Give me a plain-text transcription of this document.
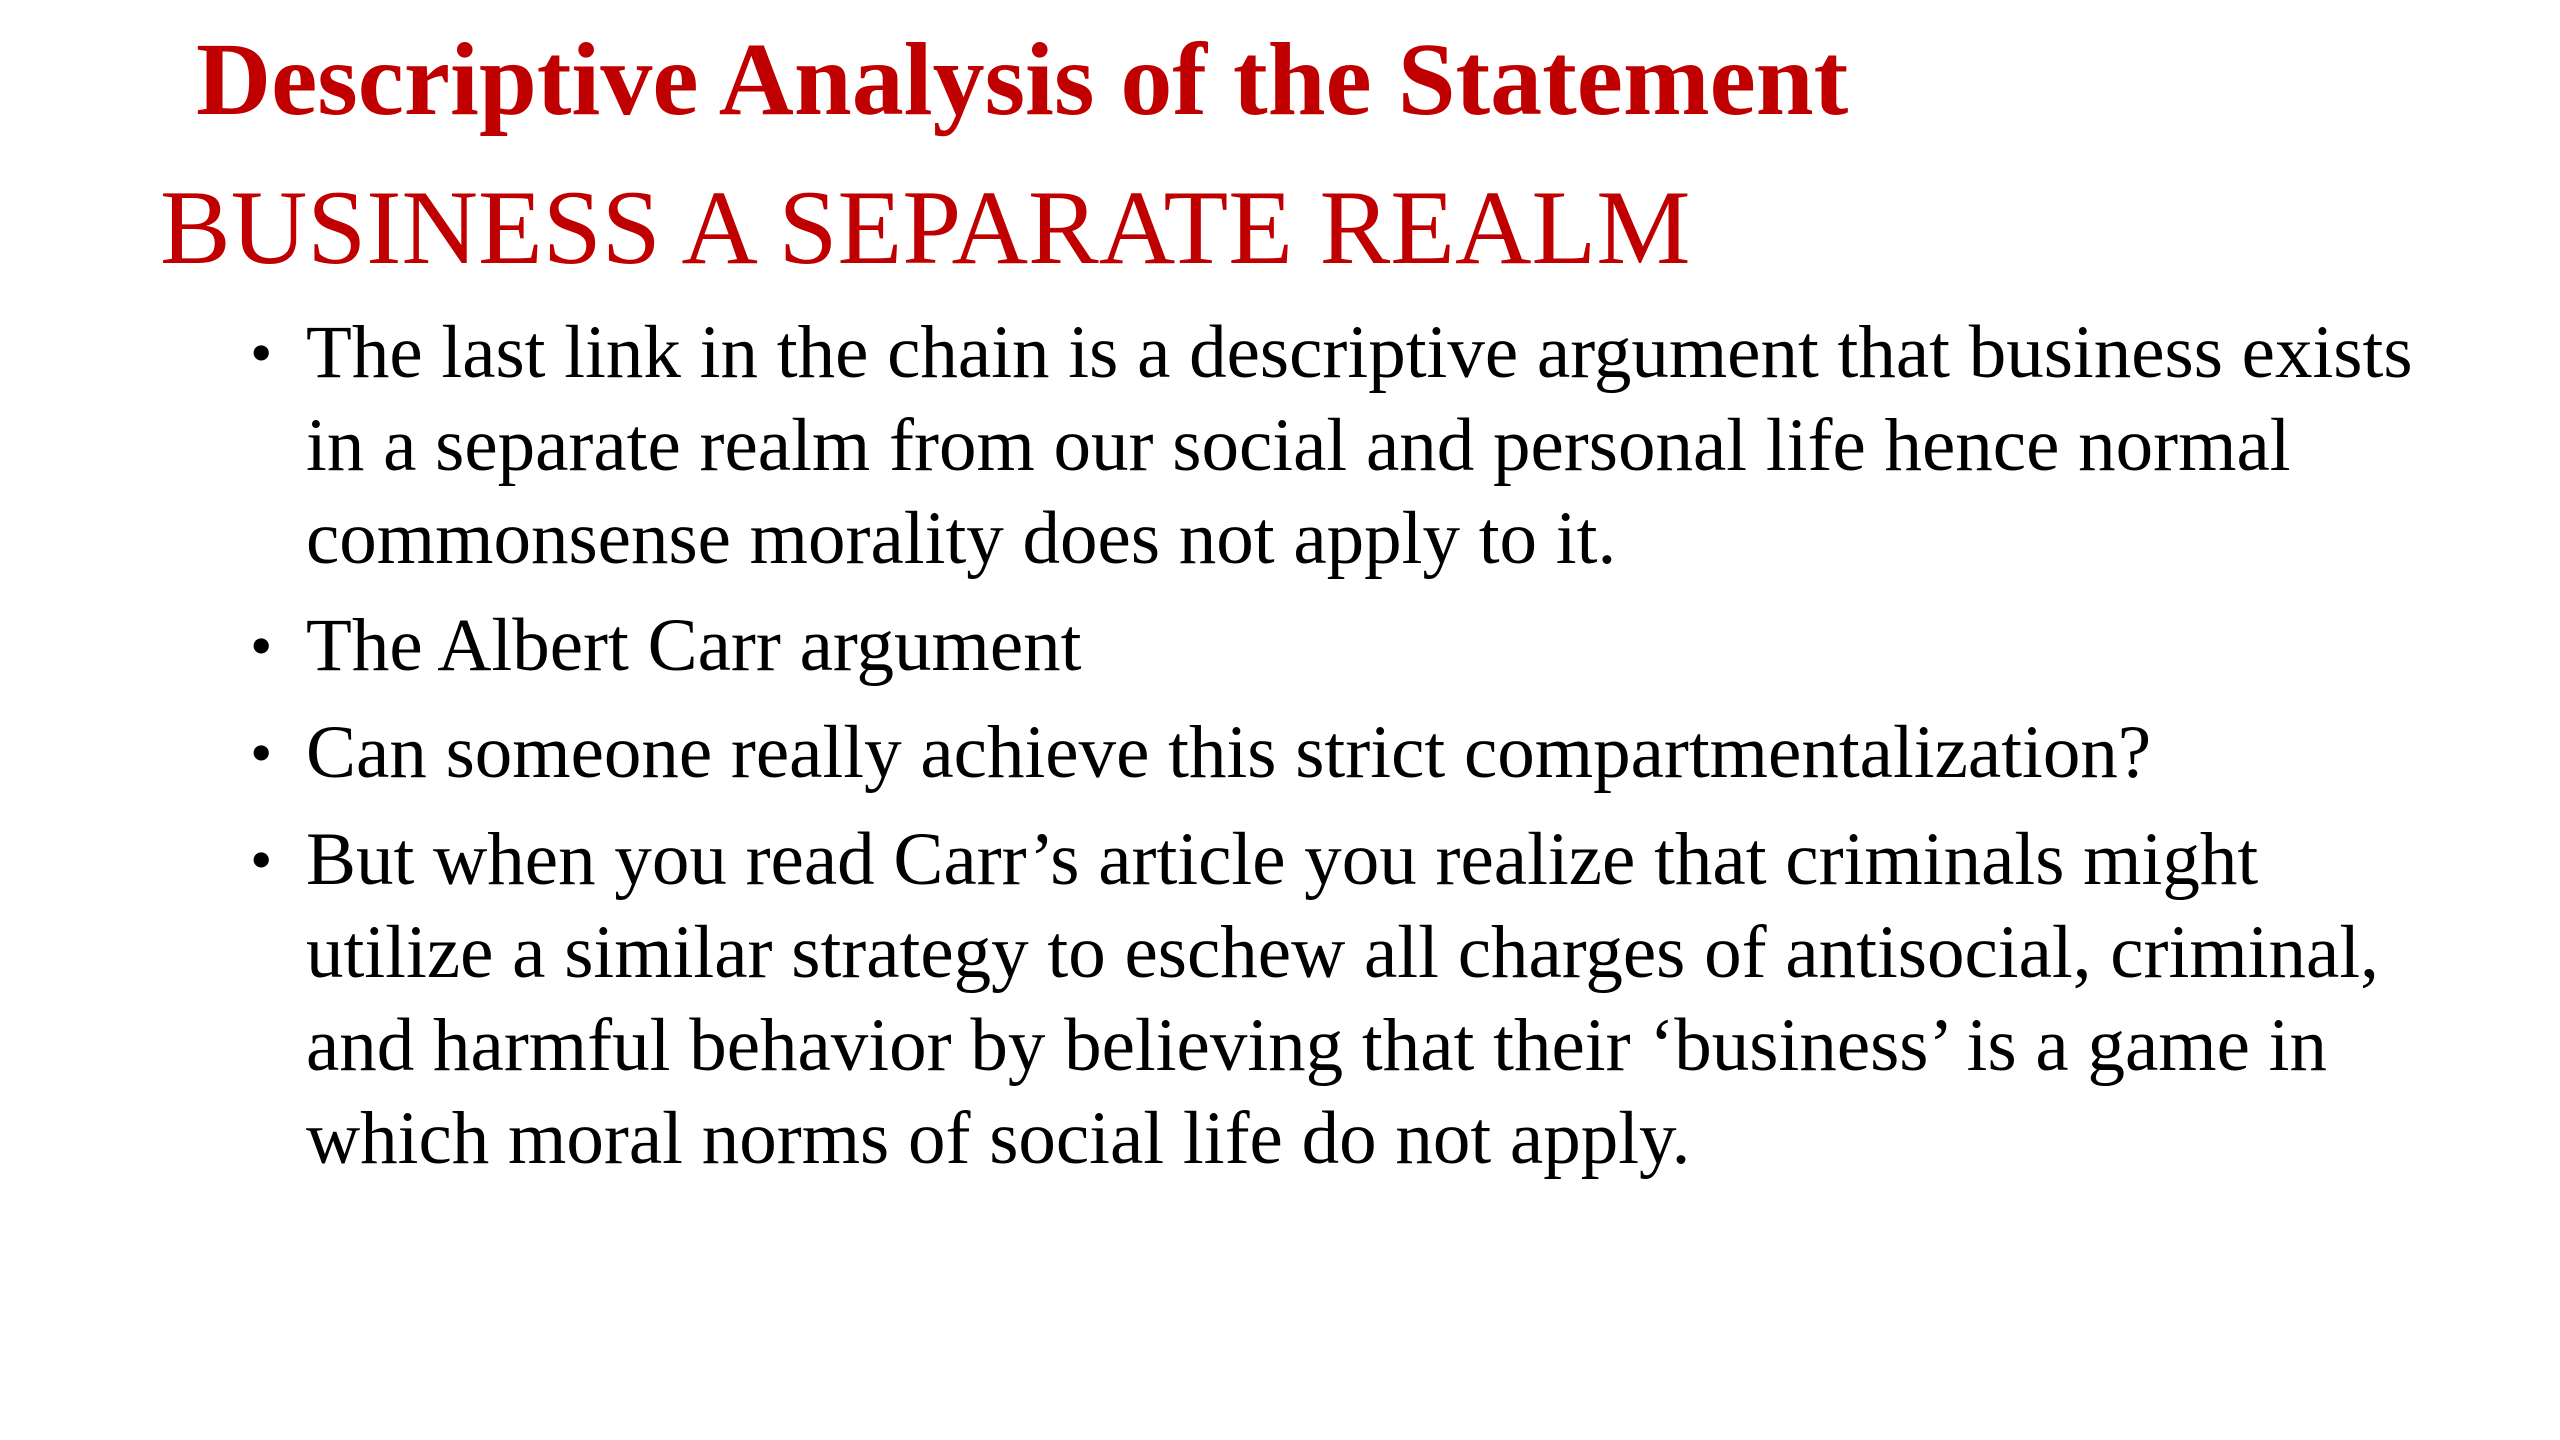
Descriptive Analysis of the Statement
BUSINESS A SEPARATE REALM
• The last link in the chain is a descriptive argument that business exists in a separate realm from our social and personal life hence normal commonsense morality does not apply to it.
• The Albert Carr argument
• Can someone really achieve this strict compartmentalization?
• But when you read Carr’s article you realize that criminals might utilize a similar strategy to eschew all charges of antisocial, criminal, and harmful behavior by believing that their ‘business’ is a game in which moral norms of social life do not apply.
